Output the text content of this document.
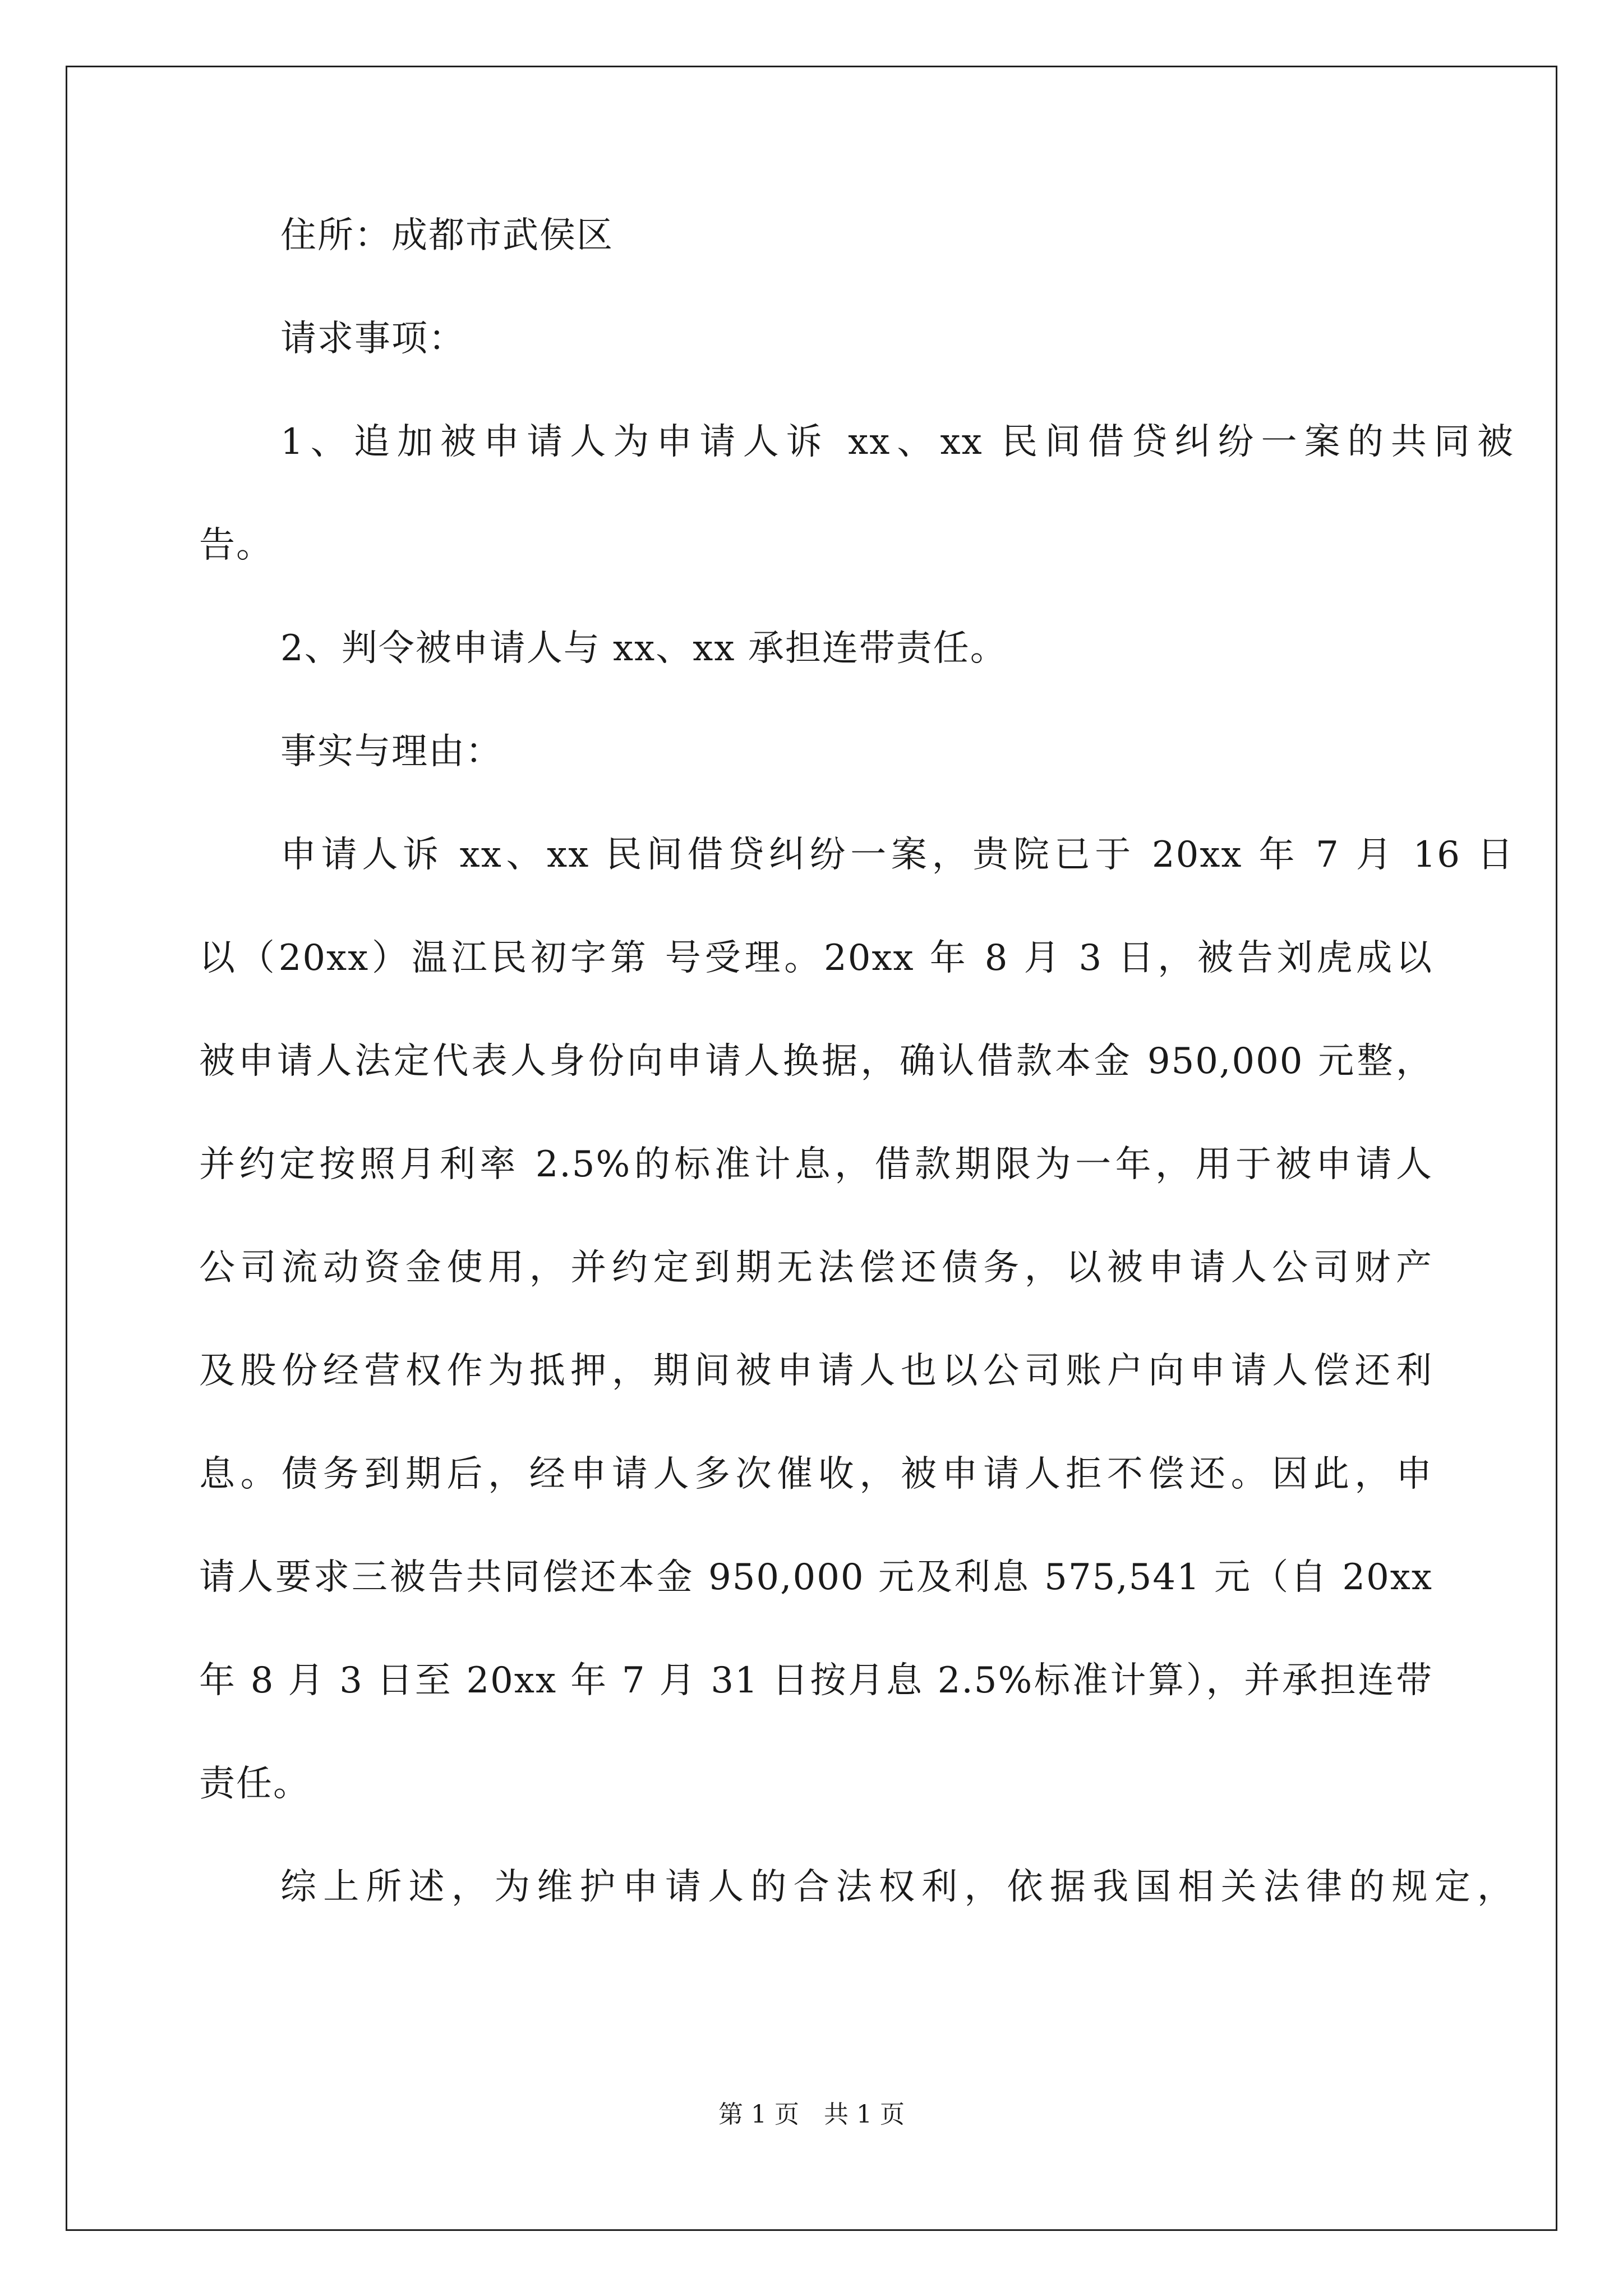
住所：成都市武侯区
请求事项：
1、追加被申请人为申请人诉 xx、xx 民间借贷纠纷一案的共同被
告。
2、判令被申请人与 xx、xx 承担连带责任。
事实与理由：
申请人诉 xx、xx 民间借贷纠纷一案，贵院已于 20xx 年 7 月 16 日
以（20xx）温江民初字第 号受理。20xx 年 8 月 3 日，被告刘虎成以
被申请人法定代表人身份向申请人换据，确认借款本金 950,000 元整，
并约定按照月利率 2.5%的标准计息，借款期限为一年，用于被申请人
公司流动资金使用，并约定到期无法偿还债务，以被申请人公司财产
及股份经营权作为抵押，期间被申请人也以公司账户向申请人偿还利
息。债务到期后，经申请人多次催收，被申请人拒不偿还。因此，申
请人要求三被告共同偿还本金 950,000 元及利息 575,541 元（自 20xx
年 8 月 3 日至 20xx 年 7 月 31 日按月息 2.5%标准计算），并承担连带
责任。
综上所述，为维护申请人的合法权利，依据我国相关法律的规定，
第 1 页　共 1 页
